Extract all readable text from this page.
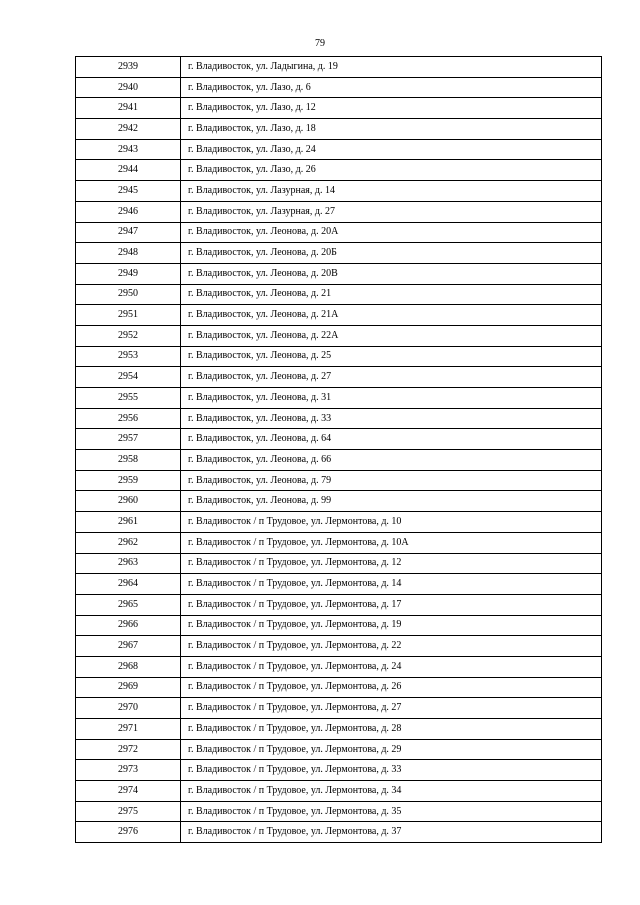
79
2939	г. Владивосток, ул. Ладыгина, д. 19
2940	г. Владивосток, ул. Лазо, д. 6
2941	г. Владивосток, ул. Лазо, д. 12
2942	г. Владивосток, ул. Лазо, д. 18
2943	г. Владивосток, ул. Лазо, д. 24
2944	г. Владивосток, ул. Лазо, д. 26
2945	г. Владивосток, ул. Лазурная, д. 14
2946	г. Владивосток, ул. Лазурная, д. 27
2947	г. Владивосток, ул. Леонова, д. 20А
2948	г. Владивосток, ул. Леонова, д. 20Б
2949	г. Владивосток, ул. Леонова, д. 20В
2950	г. Владивосток, ул. Леонова, д. 21
2951	г. Владивосток, ул. Леонова, д. 21А
2952	г. Владивосток, ул. Леонова, д. 22А
2953	г. Владивосток, ул. Леонова, д. 25
2954	г. Владивосток, ул. Леонова, д. 27
2955	г. Владивосток, ул. Леонова, д. 31
2956	г. Владивосток, ул. Леонова, д. 33
2957	г. Владивосток, ул. Леонова, д. 64
2958	г. Владивосток, ул. Леонова, д. 66
2959	г. Владивосток, ул. Леонова, д. 79
2960	г. Владивосток, ул. Леонова, д. 99
2961	г. Владивосток / п Трудовое, ул. Лермонтова, д. 10
2962	г. Владивосток / п Трудовое, ул. Лермонтова, д. 10А
2963	г. Владивосток / п Трудовое, ул. Лермонтова, д. 12
2964	г. Владивосток / п Трудовое, ул. Лермонтова, д. 14
2965	г. Владивосток / п Трудовое, ул. Лермонтова, д. 17
2966	г. Владивосток / п Трудовое, ул. Лермонтова, д. 19
2967	г. Владивосток / п Трудовое, ул. Лермонтова, д. 22
2968	г. Владивосток / п Трудовое, ул. Лермонтова, д. 24
2969	г. Владивосток / п Трудовое, ул. Лермонтова, д. 26
2970	г. Владивосток / п Трудовое, ул. Лермонтова, д. 27
2971	г. Владивосток / п Трудовое, ул. Лермонтова, д. 28
2972	г. Владивосток / п Трудовое, ул. Лермонтова, д. 29
2973	г. Владивосток / п Трудовое, ул. Лермонтова, д. 33
2974	г. Владивосток / п Трудовое, ул. Лермонтова, д. 34
2975	г. Владивосток / п Трудовое, ул. Лермонтова, д. 35
2976	г. Владивосток / п Трудовое, ул. Лермонтова, д. 37
